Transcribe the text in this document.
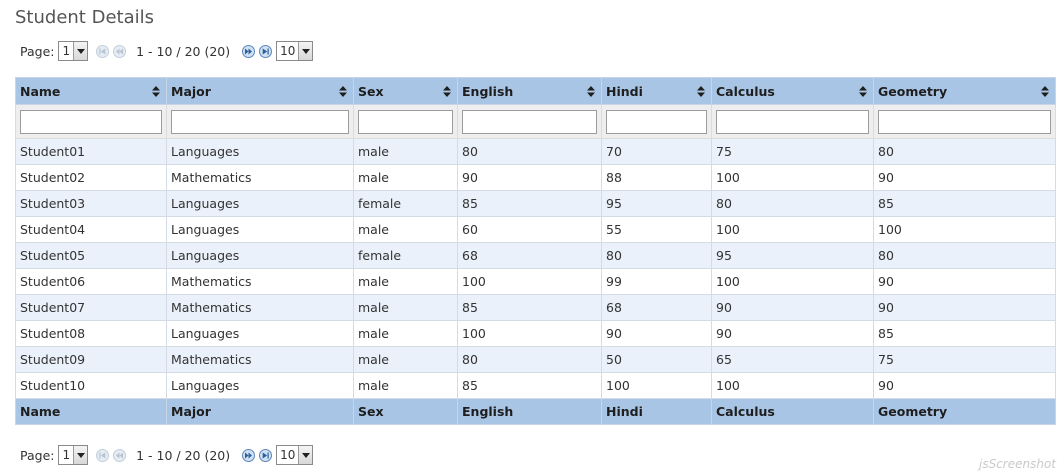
Student Details
Page: 1	1 - 10 / 20 (20)	10
Name	Major	Sex	English	Hindi	Calculus	Geometry

Student01	Languages	male	80	70	75	80
Student02	Mathematics	male	90	88	100	90
Student03	Languages	female	85	95	80	85
Student04	Languages	male	60	55	100	100
Student05	Languages	female	68	80	95	80
Student06	Mathematics	male	100	99	100	90
Student07	Mathematics	male	85	68	90	90
Student08	Languages	male	100	90	90	85
Student09	Mathematics	male	80	50	65	75
Student10	Languages	male	85	100	100	90
Name	Major	Sex	English	Hindi	Calculus	Geometry
Page: 1	1 - 10 / 20 (20)	10
jsScreenshot
